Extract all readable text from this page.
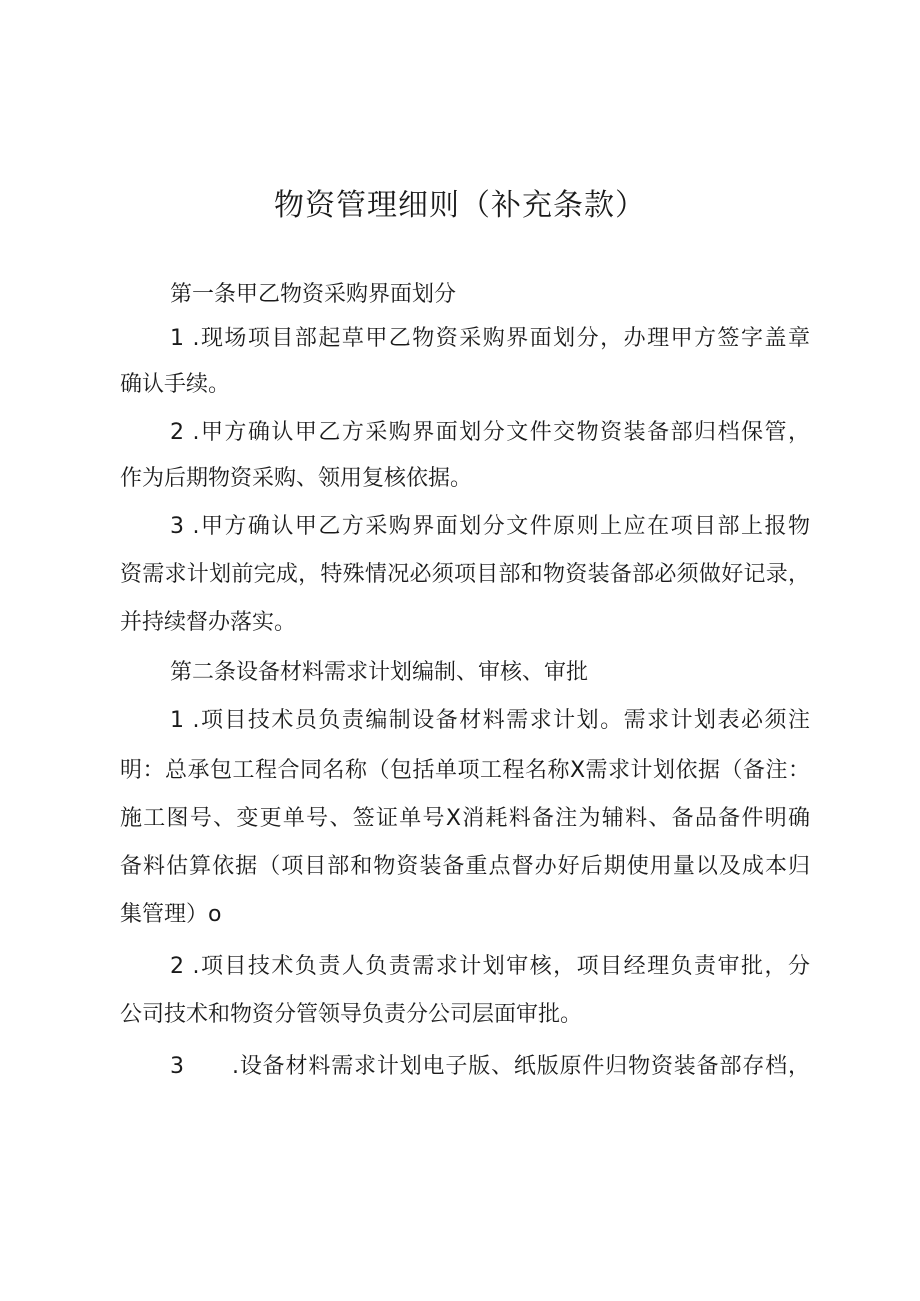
物资管理细则（补充条款）
第一条甲乙物资采购界面划分
1 .现场项目部起草甲乙物资采购界面划分，办理甲方签字盖章
确认手续。
2 .甲方确认甲乙方采购界面划分文件交物资装备部归档保管，
作为后期物资采购、领用复核依据。
3 .甲方确认甲乙方采购界面划分文件原则上应在项目部上报物
资需求计划前完成，特殊情况必须项目部和物资装备部必须做好记录，
并持续督办落实。
第二条设备材料需求计划编制、审核、审批
1 .项目技术员负责编制设备材料需求计划。需求计划表必须注
明：总承包工程合同名称（包括单项工程名称X需求计划依据（备注：
施工图号、变更单号、签证单号X消耗料备注为辅料、备品备件明确
备料估算依据（项目部和物资装备重点督办好后期使用量以及成本归
集管理）o
2 .项目技术负责人负责需求计划审核，项目经理负责审批，分
公司技术和物资分管领导负责分公司层面审批。
3	.设备材料需求计划电子版、纸版原件归物资装备部存档，
